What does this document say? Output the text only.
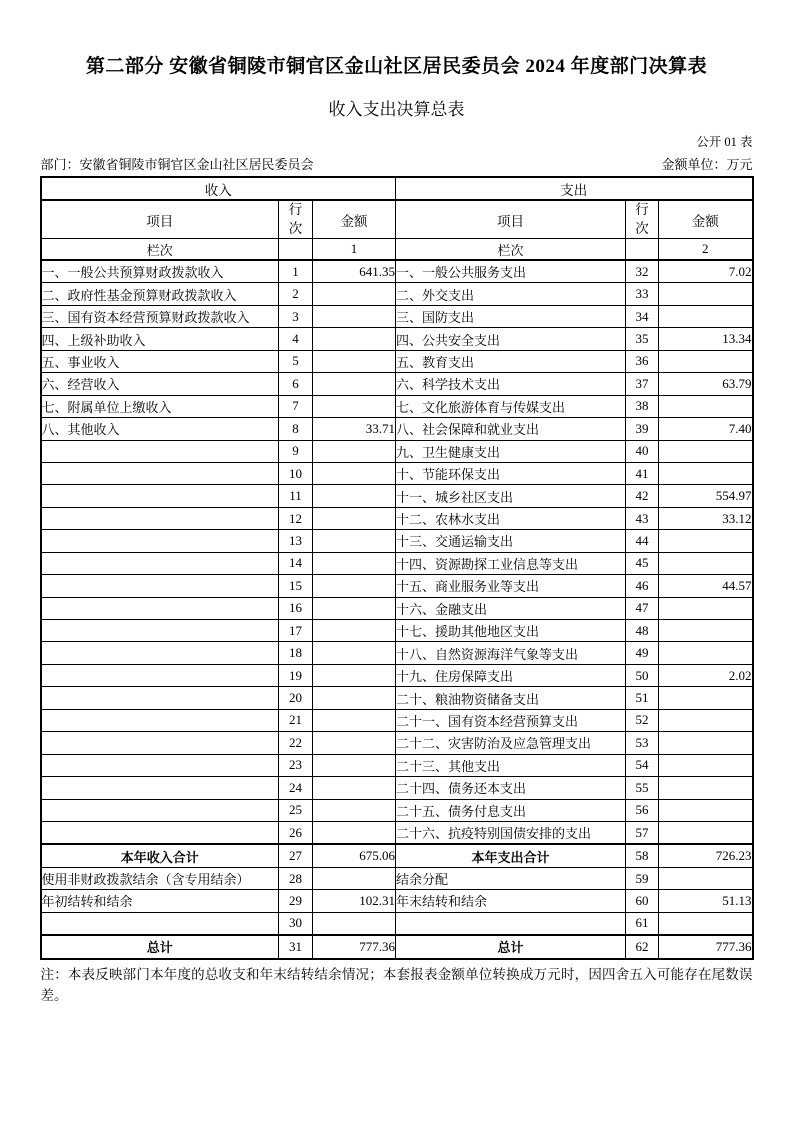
第二部分 安徽省铜陵市铜官区金山社区居民委员会 2024 年度部门决算表
收入支出决算总表
公开 01 表
部门：安徽省铜陵市铜官区金山社区居民委员会	金额单位：万元
收入			支出		
项目	行次	金额	项目	行次	金额
栏次		1	栏次		2
一、一般公共预算财政拨款收入	1	641.35	一、一般公共服务支出	32	7.02
二、政府性基金预算财政拨款收入	2		二、外交支出	33	
三、国有资本经营预算财政拨款收入	3		三、国防支出	34	
四、上级补助收入	4		四、公共安全支出	35	13.34
五、事业收入	5		五、教育支出	36	
六、经营收入	6		六、科学技术支出	37	63.79
七、附属单位上缴收入	7		七、文化旅游体育与传媒支出	38	
八、其他收入	8	33.71	八、社会保障和就业支出	39	7.40
	9		九、卫生健康支出	40	
	10		十、节能环保支出	41	
	11		十一、城乡社区支出	42	554.97
	12		十二、农林水支出	43	33.12
	13		十三、交通运输支出	44	
	14		十四、资源勘探工业信息等支出	45	
	15		十五、商业服务业等支出	46	44.57
	16		十六、金融支出	47	
	17		十七、援助其他地区支出	48	
	18		十八、自然资源海洋气象等支出	49	
	19		十九、住房保障支出	50	2.02
	20		二十、粮油物资储备支出	51	
	21		二十一、国有资本经营预算支出	52	
	22		二十二、灾害防治及应急管理支出	53	
	23		二十三、其他支出	54	
	24		二十四、债务还本支出	55	
	25		二十五、债务付息支出	56	
	26		二十六、抗疫特别国债安排的支出	57	
本年收入合计	27	675.06	本年支出合计	58	726.23
使用非财政拨款结余（含专用结余）	28		结余分配	59	
年初结转和结余	29	102.31	年末结转和结余	60	51.13
	30			61	
总计	31	777.36	总计	62	777.36
注：本表反映部门本年度的总收支和年末结转结余情况；本套报表金额单位转换成万元时，因四舍五入可能存在尾数误差。
